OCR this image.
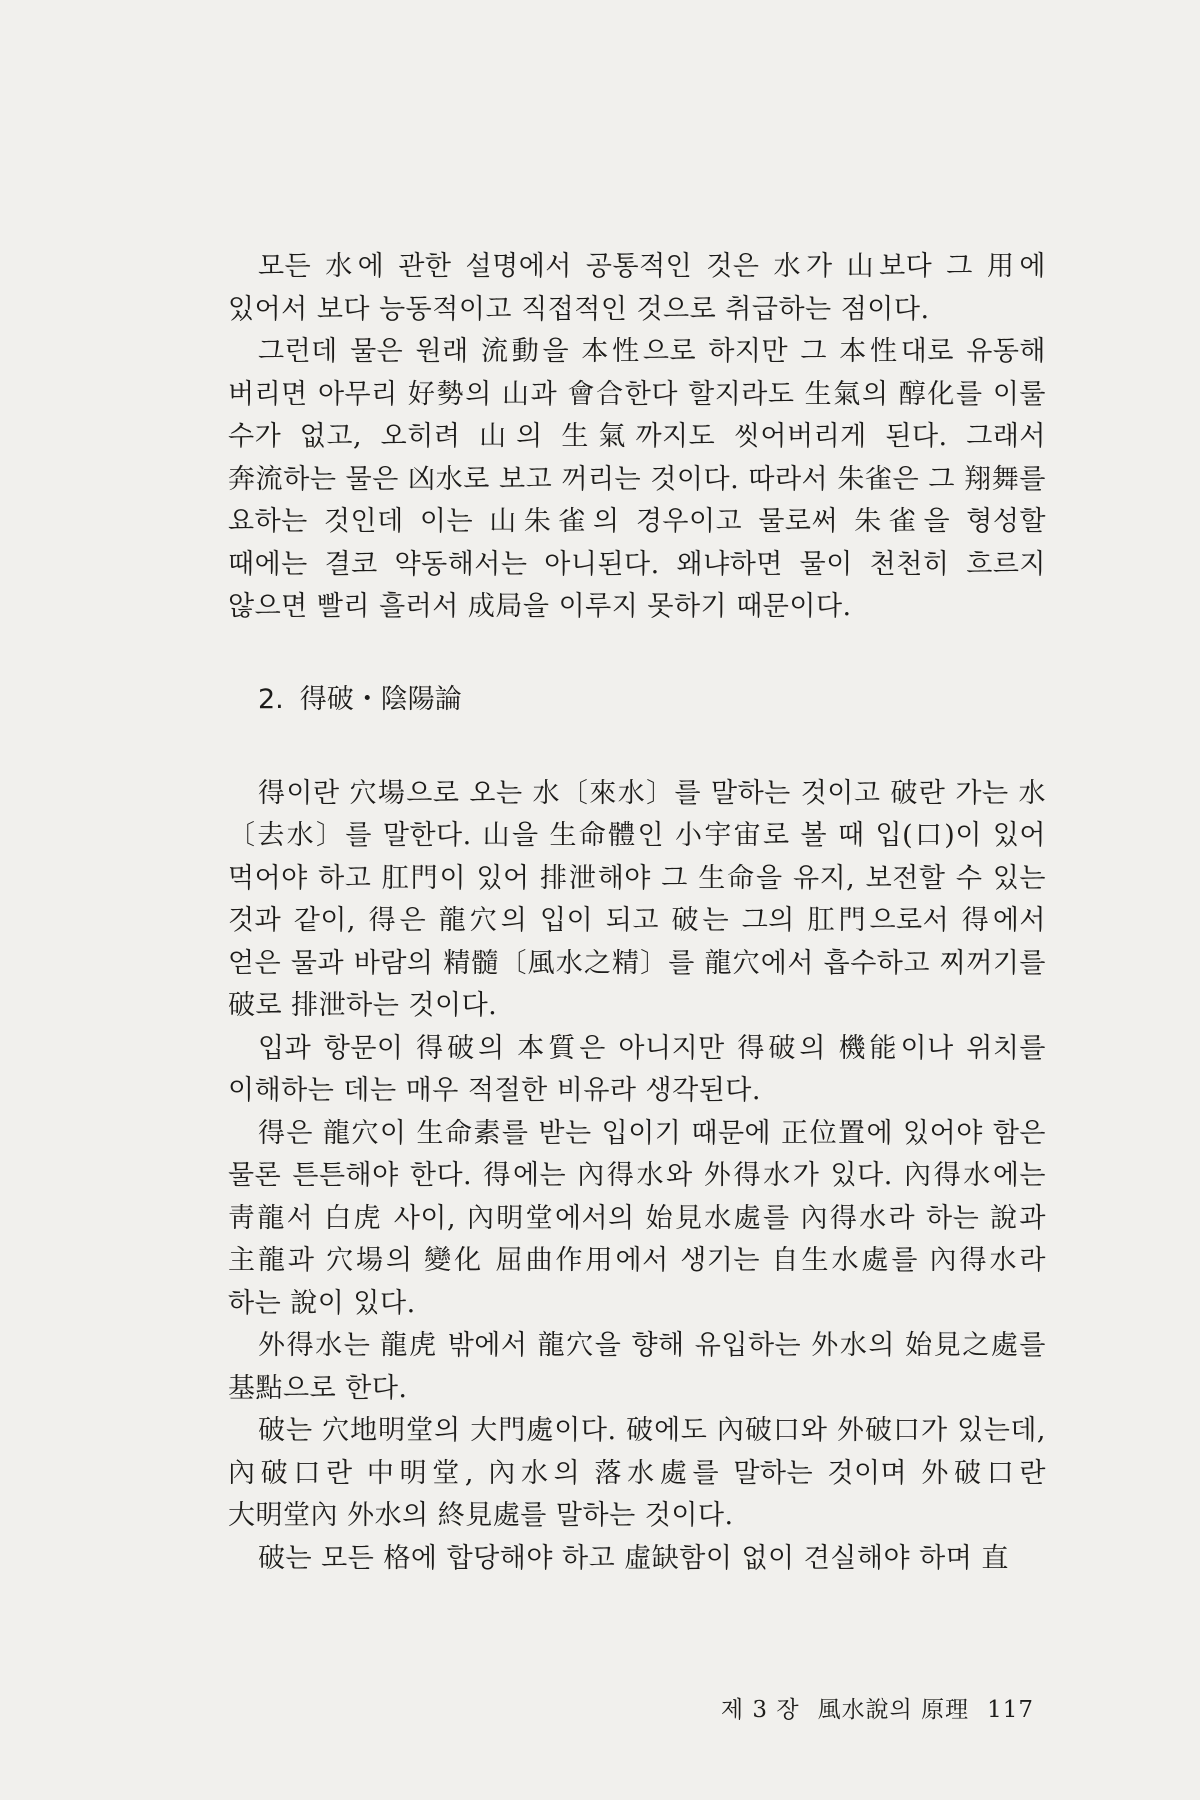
모든 水에 관한 설명에서 공통적인 것은 水가 山보다 그 用에 있어서 보다 능동적이고 직접적인 것으로 취급하는 점이다.

그런데 물은 원래 流動을 本性으로 하지만 그 本性대로 유동해 버리면 아무리 好勢의 山과 會合한다 할지라도 生氣의 醇化를 이룰 수가 없고, 오히려 山의 生氣까지도 씻어버리게 된다. 그래서 奔流하는 물은 凶水로 보고 꺼리는 것이다. 따라서 朱雀은 그 翔舞를 요하는 것인데 이는 山朱雀의 경우이고 물로써 朱雀을 형성할 때에는 결코 약동해서는 아니된다. 왜냐하면 물이 천천히 흐르지 않으면 빨리 흘러서 成局을 이루지 못하기 때문이다.

2. 得破・陰陽論

得이란 穴場으로 오는 水〔來水〕를 말하는 것이고 破란 가는 水〔去水〕를 말한다. 山을 生命體인 小宇宙로 볼 때 입(口)이 있어 먹어야 하고 肛門이 있어 排泄해야 그 生命을 유지, 보전할 수 있는 것과 같이, 得은 龍穴의 입이 되고 破는 그의 肛門으로서 得에서 얻은 물과 바람의 精髓〔風水之精〕를 龍穴에서 흡수하고 찌꺼기를 破로 排泄하는 것이다.

입과 항문이 得破의 本質은 아니지만 得破의 機能이나 위치를 이해하는 데는 매우 적절한 비유라 생각된다.

得은 龍穴이 生命素를 받는 입이기 때문에 正位置에 있어야 함은 물론 튼튼해야 한다. 得에는 內得水와 外得水가 있다. 內得水에는 靑龍서 白虎 사이, 內明堂에서의 始見水處를 內得水라 하는 說과 主龍과 穴場의 變化 屈曲作用에서 생기는 自生水處를 內得水라 하는 說이 있다.

外得水는 龍虎 밖에서 龍穴을 향해 유입하는 外水의 始見之處를 基點으로 한다.

破는 穴地明堂의 大門處이다. 破에도 內破口와 外破口가 있는데, 內破口란 中明堂, 內水의 落水處를 말하는 것이며 外破口란 大明堂內 外水의 終見處를 말하는 것이다.

破는 모든 格에 합당해야 하고 虛缺함이 없이 견실해야 하며 直

제 3 장 風水說의 原理 117
